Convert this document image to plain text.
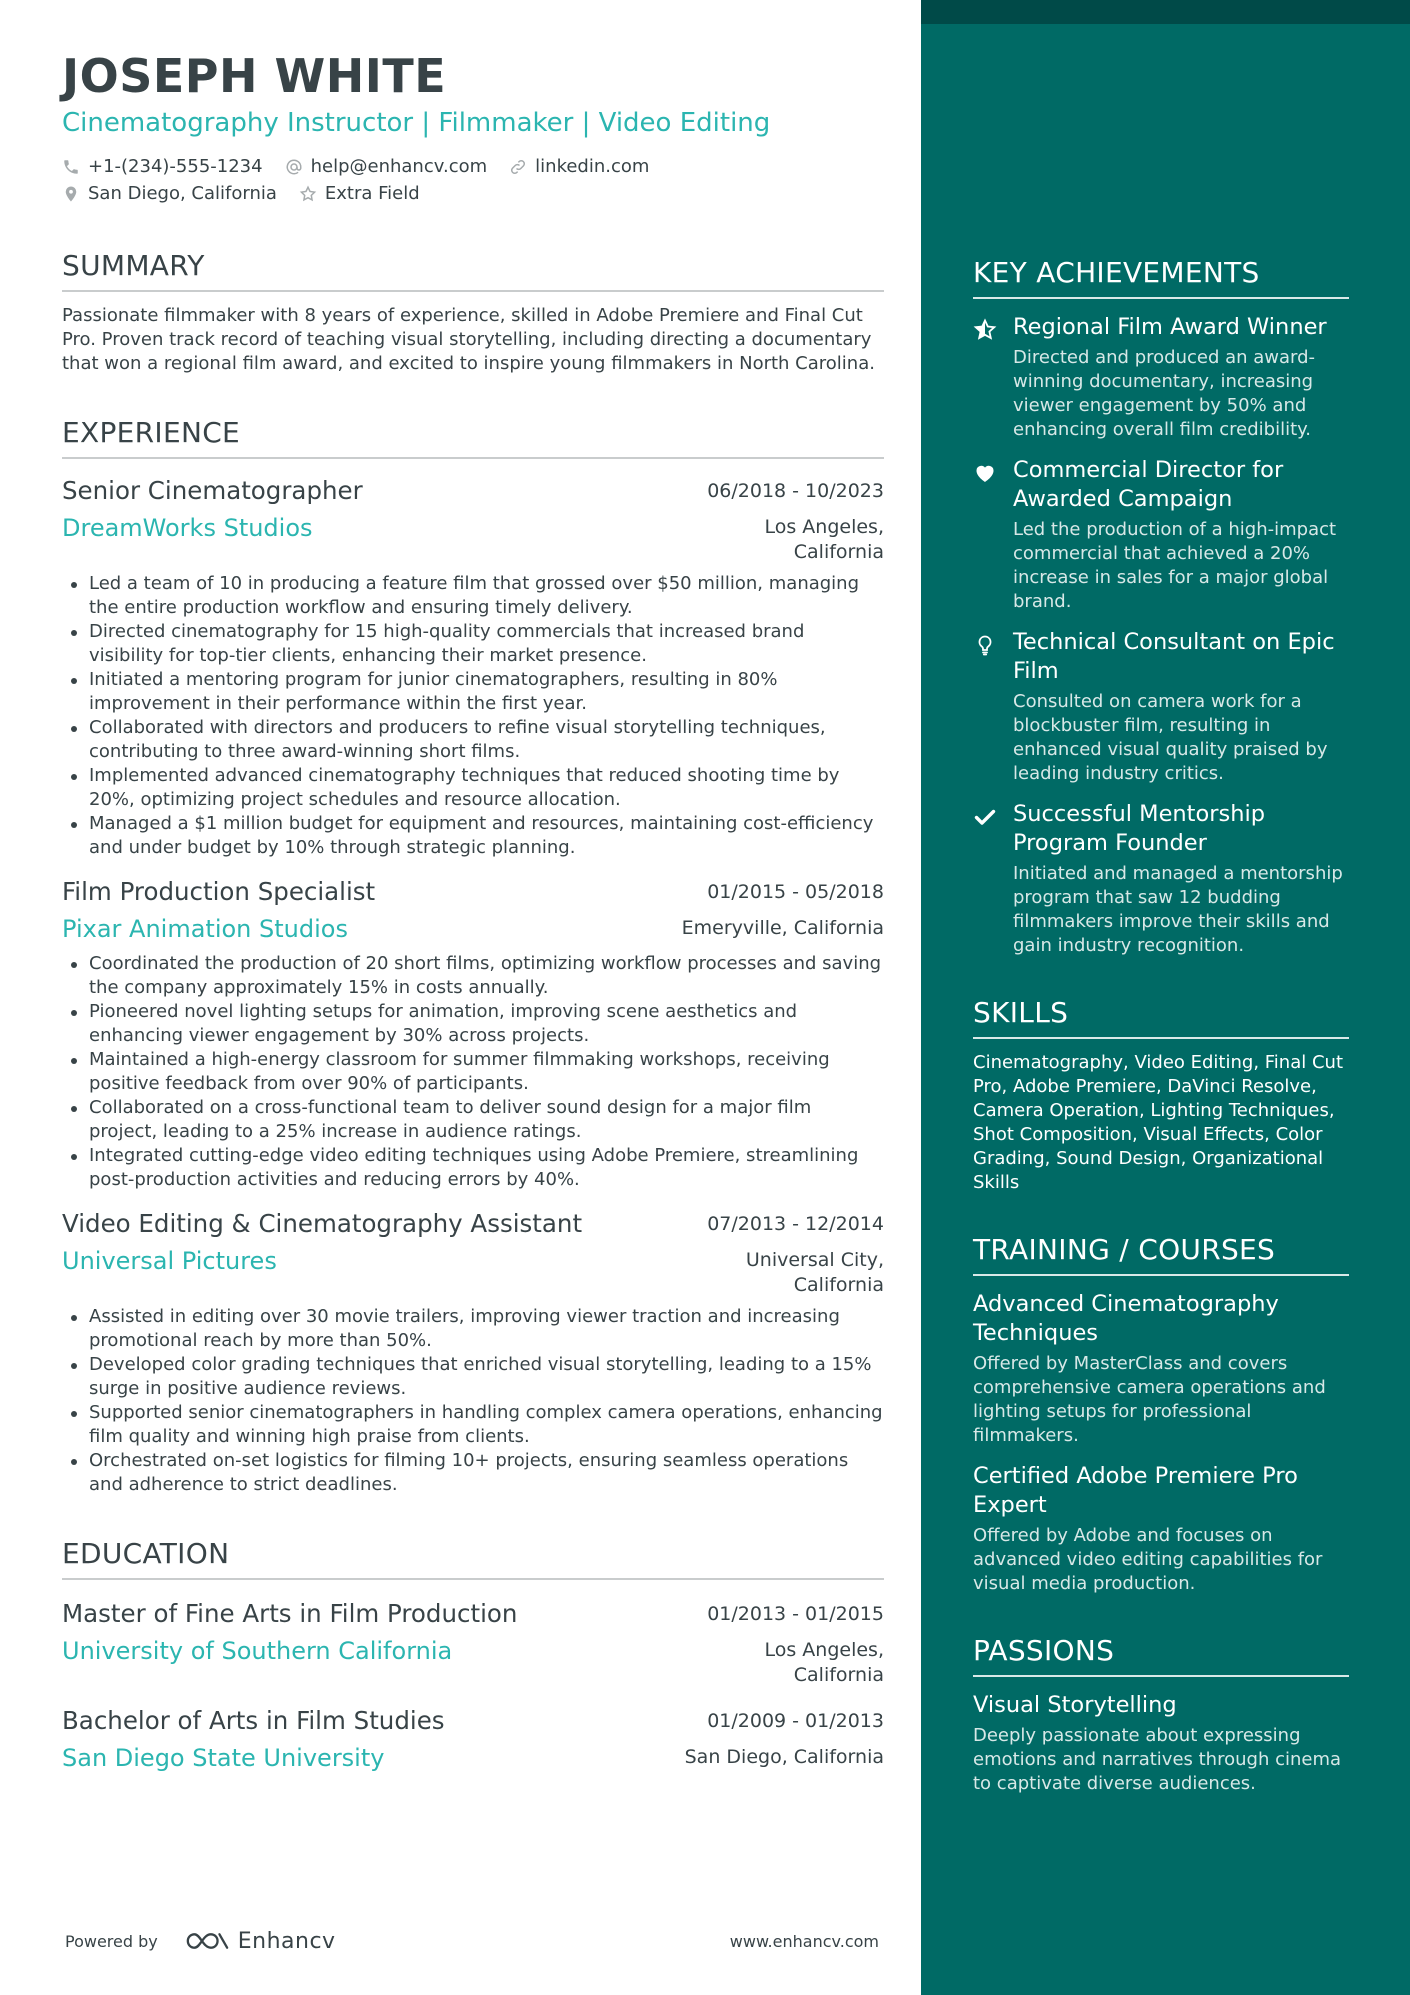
JOSEPH WHITE
Cinematography Instructor | Filmmaker | Video Editing
+1-(234)-555-1234	help@enhancv.com	linkedin.com
San Diego, California	Extra Field
SUMMARY
Passionate filmmaker with 8 years of experience, skilled in Adobe Premiere and Final Cut Pro. Proven track record of teaching visual storytelling, including directing a documentary that won a regional film award, and excited to inspire young filmmakers in North Carolina.
EXPERIENCE
Senior Cinematographer	06/2018 - 10/2023
DreamWorks Studios	Los Angeles, California
Led a team of 10 in producing a feature film that grossed over $50 million, managing the entire production workflow and ensuring timely delivery.
Directed cinematography for 15 high-quality commercials that increased brand visibility for top-tier clients, enhancing their market presence.
Initiated a mentoring program for junior cinematographers, resulting in 80% improvement in their performance within the first year.
Collaborated with directors and producers to refine visual storytelling techniques, contributing to three award-winning short films.
Implemented advanced cinematography techniques that reduced shooting time by 20%, optimizing project schedules and resource allocation.
Managed a $1 million budget for equipment and resources, maintaining cost-efficiency and under budget by 10% through strategic planning.
Film Production Specialist	01/2015 - 05/2018
Pixar Animation Studios	Emeryville, California
Coordinated the production of 20 short films, optimizing workflow processes and saving the company approximately 15% in costs annually.
Pioneered novel lighting setups for animation, improving scene aesthetics and enhancing viewer engagement by 30% across projects.
Maintained a high-energy classroom for summer filmmaking workshops, receiving positive feedback from over 90% of participants.
Collaborated on a cross-functional team to deliver sound design for a major film project, leading to a 25% increase in audience ratings.
Integrated cutting-edge video editing techniques using Adobe Premiere, streamlining post-production activities and reducing errors by 40%.
Video Editing & Cinematography Assistant	07/2013 - 12/2014
Universal Pictures	Universal City, California
Assisted in editing over 30 movie trailers, improving viewer traction and increasing promotional reach by more than 50%.
Developed color grading techniques that enriched visual storytelling, leading to a 15% surge in positive audience reviews.
Supported senior cinematographers in handling complex camera operations, enhancing film quality and winning high praise from clients.
Orchestrated on-set logistics for filming 10+ projects, ensuring seamless operations and adherence to strict deadlines.
EDUCATION
Master of Fine Arts in Film Production	01/2013 - 01/2015
University of Southern California	Los Angeles, California
Bachelor of Arts in Film Studies	01/2009 - 01/2013
San Diego State University	San Diego, California
KEY ACHIEVEMENTS
Regional Film Award Winner
Directed and produced an award-winning documentary, increasing viewer engagement by 50% and enhancing overall film credibility.
Commercial Director for Awarded Campaign
Led the production of a high-impact commercial that achieved a 20% increase in sales for a major global brand.
Technical Consultant on Epic Film
Consulted on camera work for a blockbuster film, resulting in enhanced visual quality praised by leading industry critics.
Successful Mentorship Program Founder
Initiated and managed a mentorship program that saw 12 budding filmmakers improve their skills and gain industry recognition.
SKILLS
Cinematography, Video Editing, Final Cut Pro, Adobe Premiere, DaVinci Resolve, Camera Operation, Lighting Techniques, Shot Composition, Visual Effects, Color Grading, Sound Design, Organizational Skills
TRAINING / COURSES
Advanced Cinematography Techniques
Offered by MasterClass and covers comprehensive camera operations and lighting setups for professional filmmakers.
Certified Adobe Premiere Pro Expert
Offered by Adobe and focuses on advanced video editing capabilities for visual media production.
PASSIONS
Visual Storytelling
Deeply passionate about expressing emotions and narratives through cinema to captivate diverse audiences.
Powered by	Enhancv	www.enhancv.com
